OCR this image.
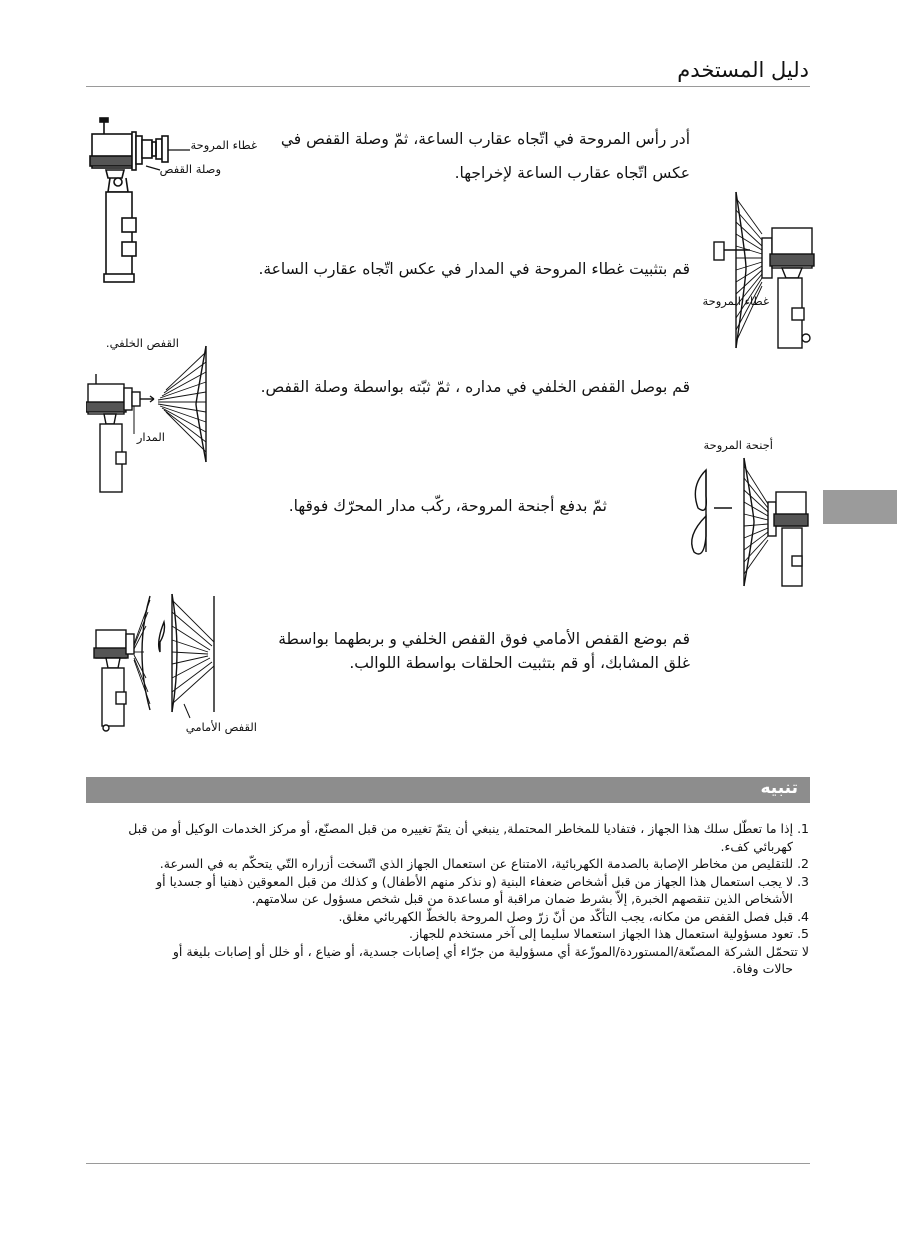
دليل المستخدم
غطاء المروحة
وصلة القفص
أدر رأس المروحة في اتّجاه عقارب الساعة، ثمّ وصلة القفص في
عكس اتّجاه عقارب الساعة لإخراجها.
غطاء المروحة
قم بتثبيت غطاء المروحة في المدار في عكس اتّجاه عقارب الساعة.
القفص الخلفي.
المدار
قم بوصل القفص الخلفي في مداره ، ثمّ ثبّته بواسطة وصلة القفص.
أجنحة المروحة
ثمّ بدفع أجنحة المروحة، ركّب مدار المحرّك فوقها.
القفص الأمامي
قم بوضع القفص الأمامي فوق القفص الخلفي و بربطهما بواسطة
غلق المشابك، أو قم بتثبيت الحلقات بواسطة اللوالب.
تنبيه

1. إذا ما تعطّل سلك هذا الجهاز ، فتفاديا للمخاطر المحتملة, ينبغي أن يتمّ تغييره من قبل المصنّع، أو مركز الخدمات الوكيل أو من قبل

كهربائي كفء.

2. للتقليص من مخاطر الإصابة بالصدمة الكهربائية، الامتناع عن استعمال الجهاز الذي اتّسخت أزراره التّي يتحكّم به في السرعة.

3. لا يجب استعمال هذا الجهاز من قبل أشخاص ضعفاء البنية (و نذكر منهم الأطفال) و كذلك من قبل المعوقين ذهنيا أو جسديا أو

الأشخاص الذين تنقصهم الخبرة, إلاّ بشرط ضمان مراقبة أو مساعدة من قبل شخص مسؤول عن سلامتهم.

4. قبل فصل القفص من مكانه، يجب التأكّد من أنّ زرّ وصل المروحة بالخطّ الكهربائي مغلق.

5. تعود مسؤولية استعمال هذا الجهاز استعمالا سليما إلى آخر مستخدم للجهاز.

لا تتحمّل الشركة المصنّعة/المستوردة/الموزّعة أي مسؤولية من جرّاء أي إصابات جسدية، أو ضياع ، أو خلل أو إصابات بليغة أو

حالات وفاة.
